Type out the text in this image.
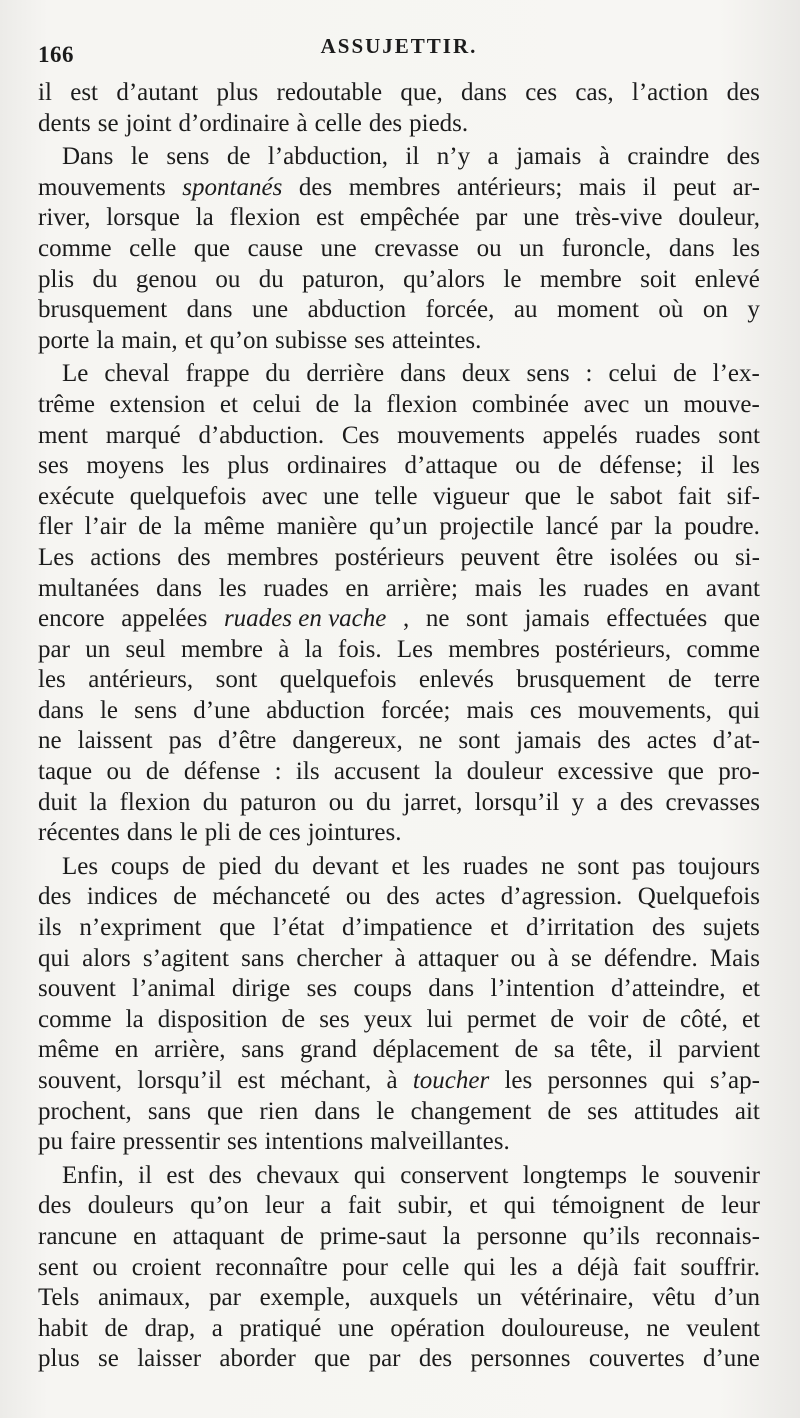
166	ASSUJETTIR.
il est d’autant plus redoutable que, dans ces cas, l’action des
dents se joint d’ordinaire à celle des pieds.
Dans le sens de l’abduction, il n’y a jamais à craindre des
mouvements spontanés des membres antérieurs; mais il peut ar-
river, lorsque la flexion est empêchée par une très-vive douleur,
comme celle que cause une crevasse ou un furoncle, dans les
plis du genou ou du paturon, qu’alors le membre soit enlevé
brusquement dans une abduction forcée, au moment où on y
porte la main, et qu’on subisse ses atteintes.
Le cheval frappe du derrière dans deux sens : celui de l’ex-
trême extension et celui de la flexion combinée avec un mouve-
ment marqué d’abduction. Ces mouvements appelés ruades sont
ses moyens les plus ordinaires d’attaque ou de défense; il les
exécute quelquefois avec une telle vigueur que le sabot fait sif-
fler l’air de la même manière qu’un projectile lancé par la poudre.
Les actions des membres postérieurs peuvent être isolées ou si-
multanées dans les ruades en arrière; mais les ruades en avant
encore appelées ruades en vache , ne sont jamais effectuées que
par un seul membre à la fois. Les membres postérieurs, comme
les antérieurs, sont quelquefois enlevés brusquement de terre
dans le sens d’une abduction forcée; mais ces mouvements, qui
ne laissent pas d’être dangereux, ne sont jamais des actes d’at-
taque ou de défense : ils accusent la douleur excessive que pro-
duit la flexion du paturon ou du jarret, lorsqu’il y a des crevasses
récentes dans le pli de ces jointures.
Les coups de pied du devant et les ruades ne sont pas toujours
des indices de méchanceté ou des actes d’agression. Quelquefois
ils n’expriment que l’état d’impatience et d’irritation des sujets
qui alors s’agitent sans chercher à attaquer ou à se défendre. Mais
souvent l’animal dirige ses coups dans l’intention d’atteindre, et
comme la disposition de ses yeux lui permet de voir de côté, et
même en arrière, sans grand déplacement de sa tête, il parvient
souvent, lorsqu’il est méchant, à toucher les personnes qui s’ap-
prochent, sans que rien dans le changement de ses attitudes ait
pu faire pressentir ses intentions malveillantes.
Enfin, il est des chevaux qui conservent longtemps le souvenir
des douleurs qu’on leur a fait subir, et qui témoignent de leur
rancune en attaquant de prime-saut la personne qu’ils reconnais-
sent ou croient reconnaître pour celle qui les a déjà fait souffrir.
Tels animaux, par exemple, auxquels un vétérinaire, vêtu d’un
habit de drap, a pratiqué une opération douloureuse, ne veulent
plus se laisser aborder que par des personnes couvertes d’une
